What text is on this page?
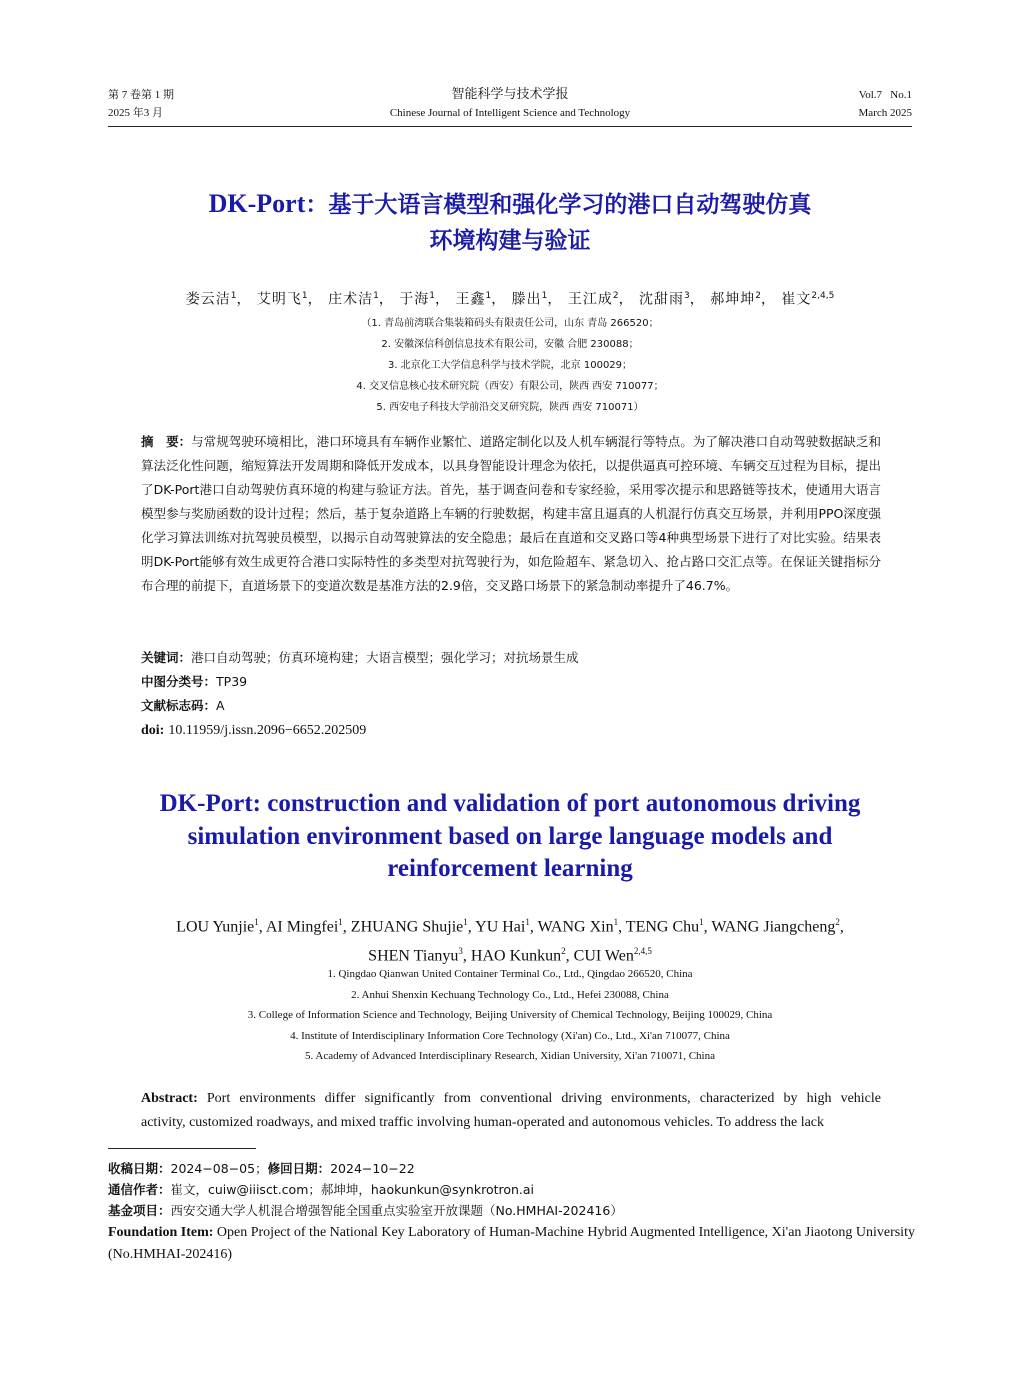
第 7 卷第 1 期
2025 年3 月
智能科学与技术学报
Chinese Journal of Intelligent Science and Technology
Vol.7   No.1
March 2025
DK-Port：基于大语言模型和强化学习的港口自动驾驶仿真
环境构建与验证
娄云洁$^1$， 艾明飞$^1$， 庄术洁$^1$， 于海$^1$， 王鑫$^1$， 滕出$^1$， 王江成$^2$， 沈甜雨$^3$， 郝坤坤$^2$， 崔文$^{2,4,5}$
（1. 青岛前湾联合集装箱码头有限责任公司，山东 青岛 266520；
2. 安徽深信科创信息技术有限公司，安徽 合肥 230088；
3. 北京化工大学信息科学与技术学院，北京 100029；
4. 交叉信息核心技术研究院（西安）有限公司，陕西 西安 710077；
5. 西安电子科技大学前沿交叉研究院，陕西 西安 710071）
摘　要：与常规驾驶环境相比，港口环境具有车辆作业繁忙、道路定制化以及人机车辆混行等特点。为了解决港口自动驾驶数据缺乏和算法泛化性问题，缩短算法开发周期和降低开发成本，以具身智能设计理念为依托，以提供逼真可控环境、车辆交互过程为目标，提出了DK-Port港口自动驾驶仿真环境的构建与验证方法。首先，基于调查问卷和专家经验，采用零次提示和思路链等技术，使通用大语言模型参与奖励函数的设计过程；然后，基于复杂道路上车辆的行驶数据，构建丰富且逼真的人机混行仿真交互场景，并利用PPO深度强化学习算法训练对抗驾驶员模型，以揭示自动驾驶算法的安全隐患；最后在直道和交叉路口等4种典型场景下进行了对比实验。结果表明DK-Port能够有效生成更符合港口实际特性的多类型对抗驾驶行为，如危险超车、紧急切入、抢占路口交汇点等。在保证关键指标分布合理的前提下，直道场景下的变道次数是基准方法的2.9倍，交叉路口场景下的紧急制动率提升了46.7%。
关键词：港口自动驾驶；仿真环境构建；大语言模型；强化学习；对抗场景生成
中图分类号：TP39
文献标志码：A
doi: 10.11959/j.issn.2096−6652.202509
DK-Port: construction and validation of port autonomous driving
simulation environment based on large language models and
reinforcement learning
LOU Yunjie$^1$, AI Mingfei$^1$, ZHUANG Shujie$^1$, YU Hai$^1$, WANG Xin$^1$, TENG Chu$^1$, WANG Jiangcheng$^2$,
SHEN Tianyu$^3$, HAO Kunkun$^2$, CUI Wen$^{2,4,5}$
1. Qingdao Qianwan United Container Terminal Co., Ltd., Qingdao 266520, China
2. Anhui Shenxin Kechuang Technology Co., Ltd., Hefei 230088, China
3. College of Information Science and Technology, Beijing University of Chemical Technology, Beijing 100029, China
4. Institute of Interdisciplinary Information Core Technology (Xi'an) Co., Ltd., Xi'an 710077, China
5. Academy of Advanced Interdisciplinary Research, Xidian University, Xi'an 710071, China
Abstract: Port environments differ significantly from conventional driving environments, characterized by high vehicle
activity, customized roadways, and mixed traffic involving human-operated and autonomous vehicles. To address the lack
收稿日期：2024−08−05；修回日期：2024−10−22
通信作者：崔文，cuiw@iiisct.com；郝坤坤，haokunkun@synkrotron.ai
基金项目：西安交通大学人机混合增强智能全国重点实验室开放课题（No.HMHAI-202416）
Foundation Item: Open Project of the National Key Laboratory of Human-Machine Hybrid Augmented Intelligence, Xi'an Jiaotong University (No.HMHAI-202416)
